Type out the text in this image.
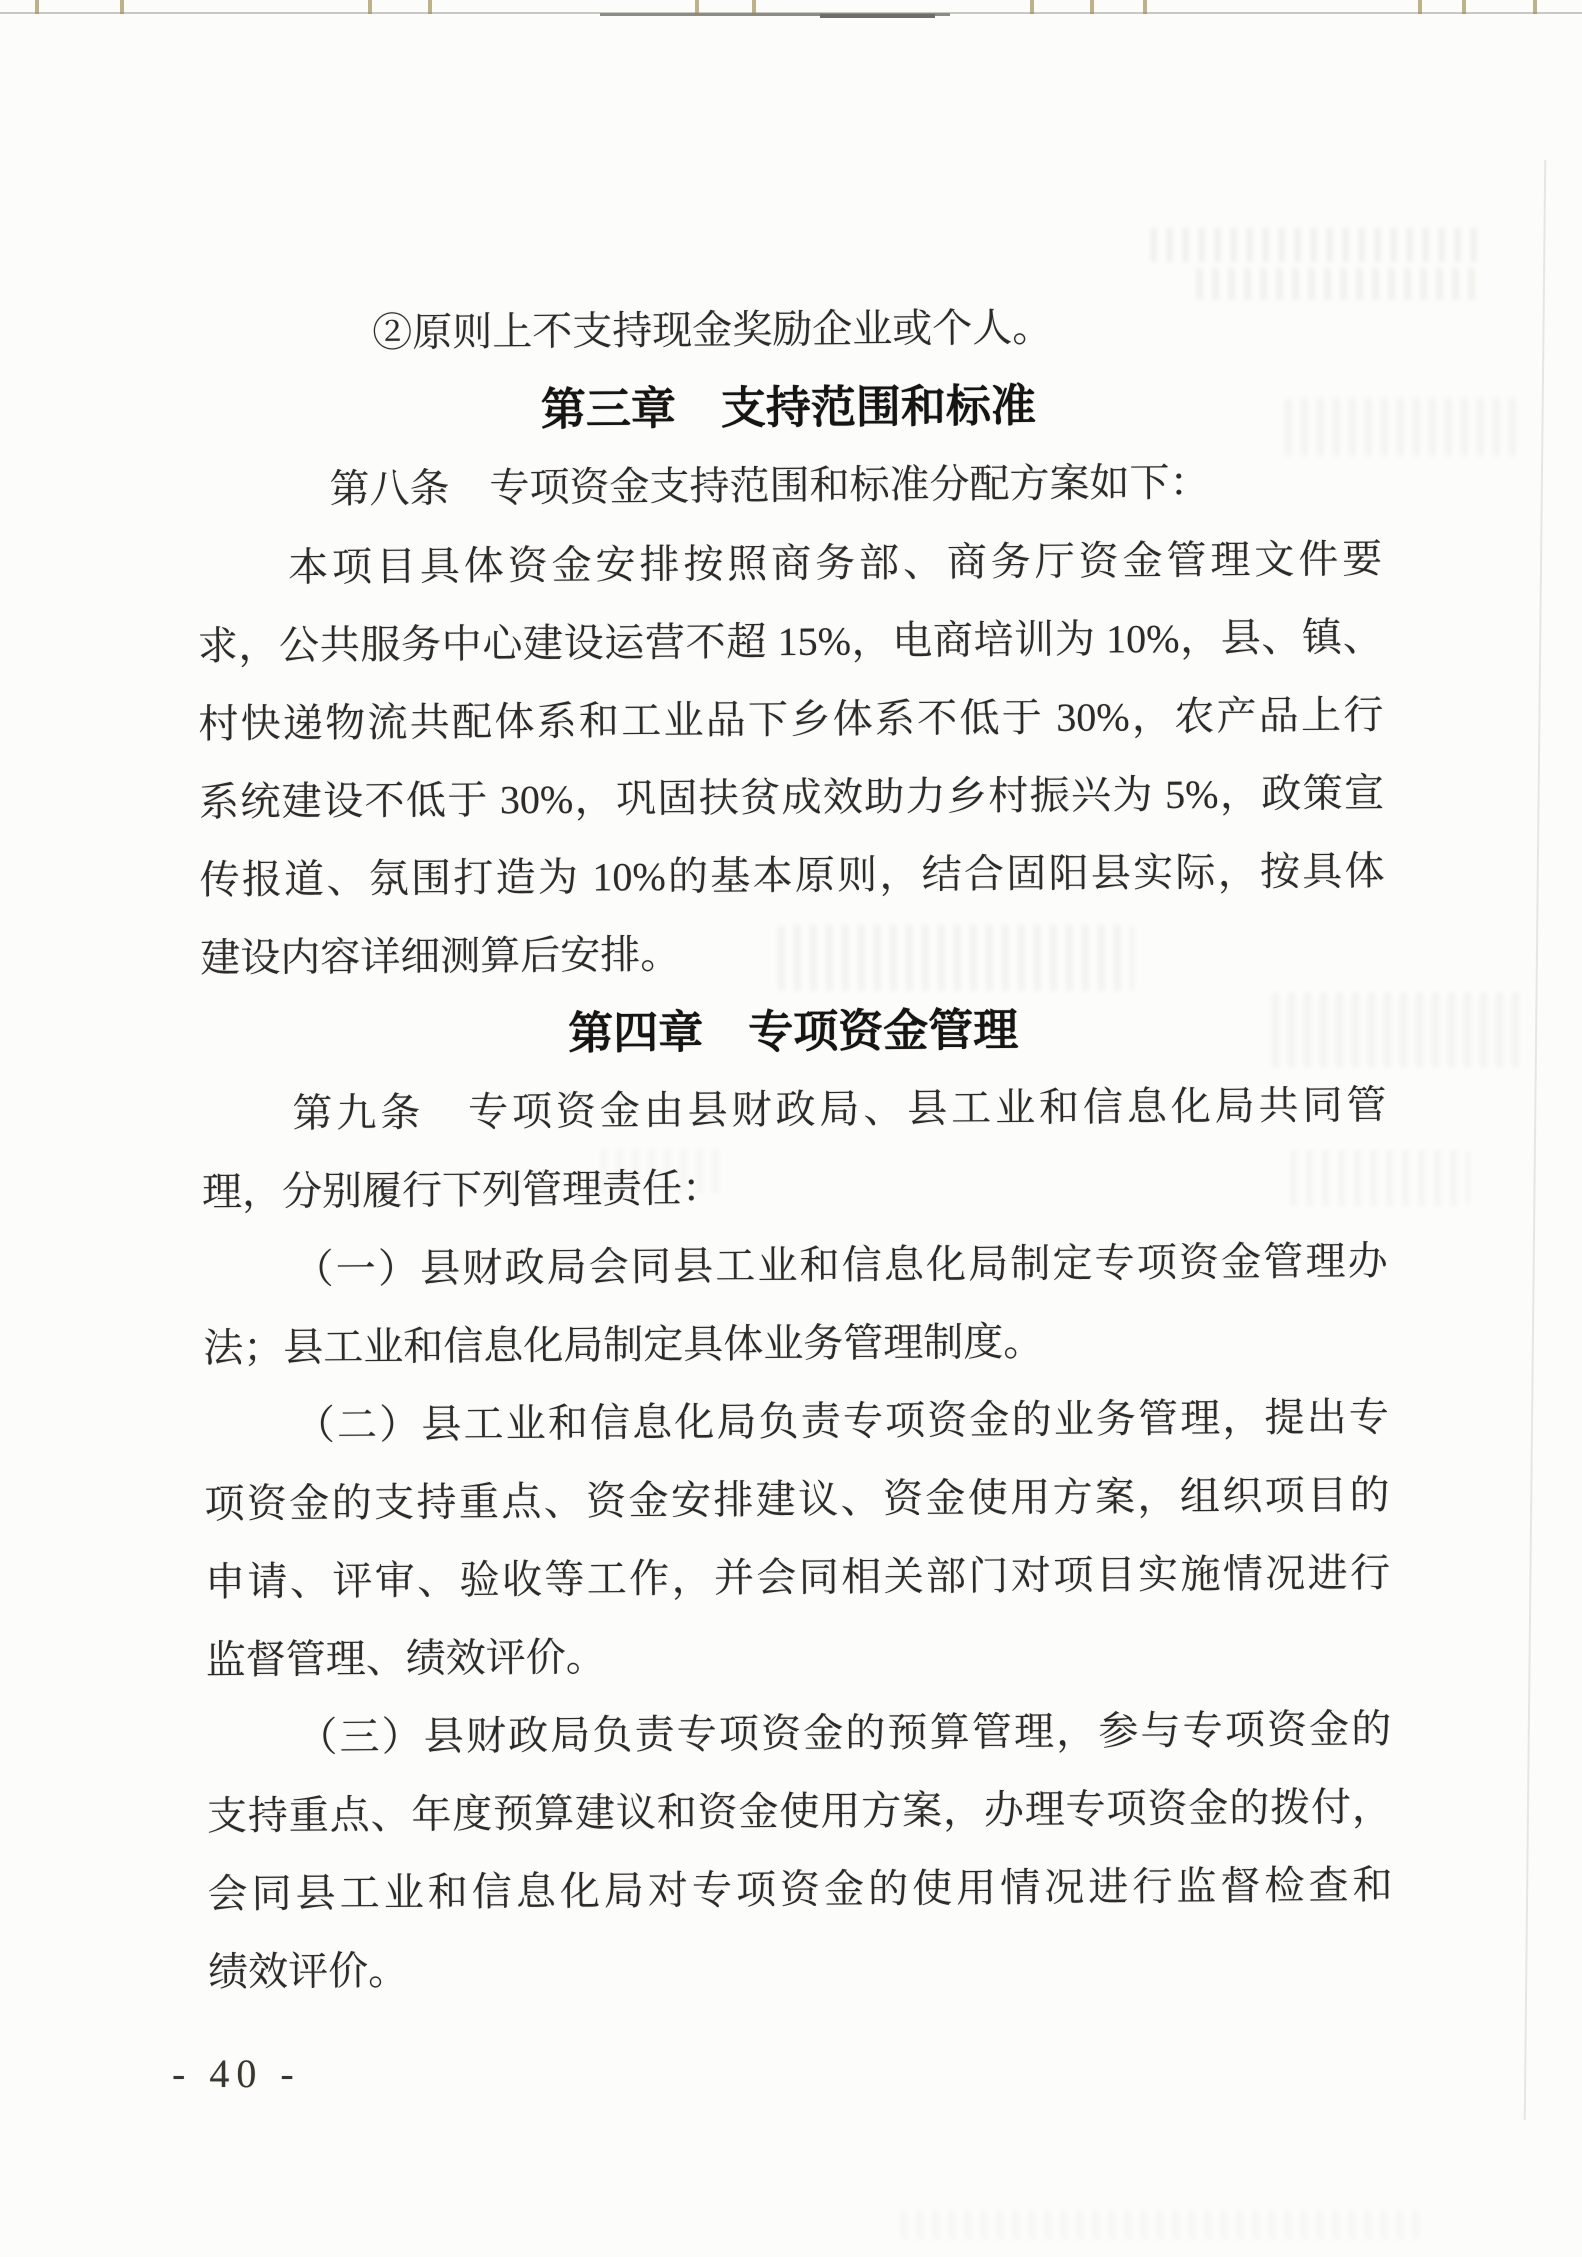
②原则上不支持现金奖励企业或个人。
第三章　支持范围和标准
第八条　专项资金支持范围和标准分配方案如下：
本项目具体资金安排按照商务部、商务厅资金管理文件要
求，公共服务中心建设运营不超 15%，电商培训为 10%，县、镇、
村快递物流共配体系和工业品下乡体系不低于 30%，农产品上行
系统建设不低于 30%，巩固扶贫成效助力乡村振兴为 5%，政策宣
传报道、氛围打造为 10%的基本原则，结合固阳县实际，按具体
建设内容详细测算后安排。
第四章　专项资金管理
第九条　专项资金由县财政局、县工业和信息化局共同管
理，分别履行下列管理责任：
（一）县财政局会同县工业和信息化局制定专项资金管理办
法；县工业和信息化局制定具体业务管理制度。
（二）县工业和信息化局负责专项资金的业务管理，提出专
项资金的支持重点、资金安排建议、资金使用方案，组织项目的
申请、评审、验收等工作，并会同相关部门对项目实施情况进行
监督管理、绩效评价。
（三）县财政局负责专项资金的预算管理，参与专项资金的
支持重点、年度预算建议和资金使用方案，办理专项资金的拨付，
会同县工业和信息化局对专项资金的使用情况进行监督检查和
绩效评价。
- 40 -
